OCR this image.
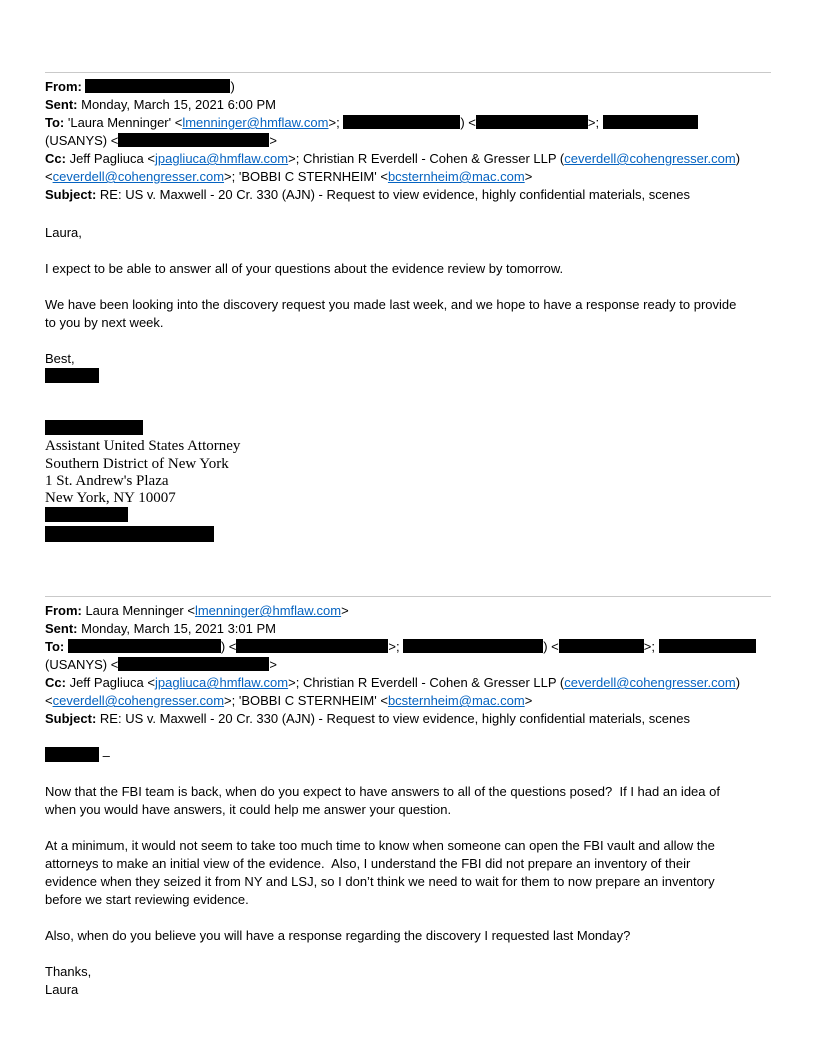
From:	)
Sent: Monday, March 15, 2021 6:00 PM
To: 'Laura Menninger' <lmenninger@hmflaw.com>;	) <	>;
(USANYS) <	>
Cc: Jeff Pagliuca <jpagliuca@hmflaw.com>; Christian R Everdell - Cohen & Gresser LLP (ceverdell@cohengresser.com)
<ceverdell@cohengresser.com>; 'BOBBI C STERNHEIM' <bcsternheim@mac.com>
Subject: RE: US v. Maxwell - 20 Cr. 330 (AJN) - Request to view evidence, highly confidential materials, scenes
Laura,

I expect to be able to answer all of your questions about the evidence review by tomorrow.

We have been looking into the discovery request you made last week, and we hope to have a response ready to provide
to you by next week.

Best,
Assistant United States Attorney
Southern District of New York
1 St. Andrew's Plaza
New York, NY 10007
From: Laura Menninger <lmenninger@hmflaw.com>
Sent: Monday, March 15, 2021 3:01 PM
To:	) <	>;	) <	>;
(USANYS) <	>
Cc: Jeff Pagliuca <jpagliuca@hmflaw.com>; Christian R Everdell - Cohen & Gresser LLP (ceverdell@cohengresser.com)
<ceverdell@cohengresser.com>; 'BOBBI C STERNHEIM' <bcsternheim@mac.com>
Subject: RE: US v. Maxwell - 20 Cr. 330 (AJN) - Request to view evidence, highly confidential materials, scenes
–

Now that the FBI team is back, when do you expect to have answers to all of the questions posed?  If I had an idea of
when you would have answers, it could help me answer your question.

At a minimum, it would not seem to take too much time to know when someone can open the FBI vault and allow the
attorneys to make an initial view of the evidence.  Also, I understand the FBI did not prepare an inventory of their
evidence when they seized it from NY and LSJ, so I don’t think we need to wait for them to now prepare an inventory
before we start reviewing evidence.

Also, when do you believe you will have a response regarding the discovery I requested last Monday?

Thanks,
Laura
